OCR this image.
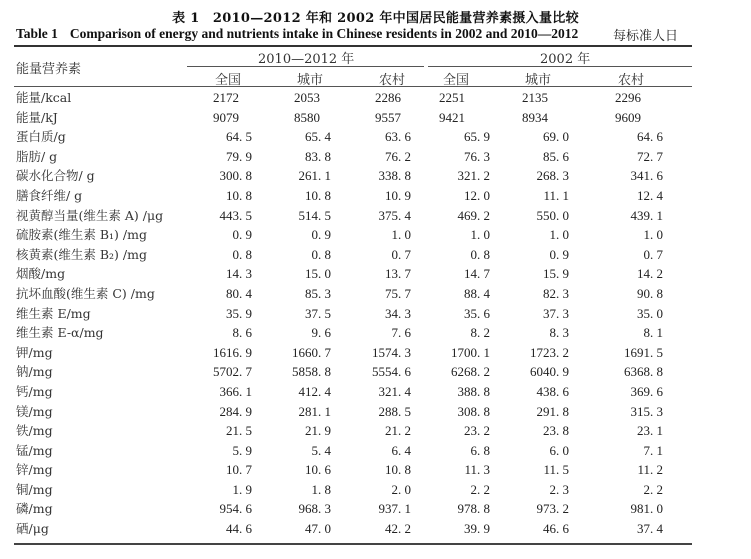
表 1　2010—2012 年和 2002 年中国居民能量营养素摄入量比较
Table 1 Comparison of energy and nutrients intake in Chinese residents in 2002 and 2010—2012	每标准人日
能量营养素
2010—2012 年	2002 年
全国	城市	农村	全国	城市	农村
能量/kcal	2172	2053	2286	2251	2135	2296
能量/kJ	9079	8580	9557	9421	8934	9609
蛋白质/g	64. 5	65. 4	63. 6	65. 9	69. 0	64. 6
脂肪/ g	79. 9	83. 8	76. 2	76. 3	85. 6	72. 7
碳水化合物/ g	300. 8	261. 1	338. 8	321. 2	268. 3	341. 6
膳食纤维/ g	10. 8	10. 8	10. 9	12. 0	11. 1	12. 4
视黄醇当量(维生素 A) /μg	443. 5	514. 5	375. 4	469. 2	550. 0	439. 1
硫胺素(维生素 B₁) /mg	0. 9	0. 9	1. 0	1. 0	1. 0	1. 0
核黄素(维生素 B₂) /mg	0. 8	0. 8	0. 7	0. 8	0. 9	0. 7
烟酸/mg	14. 3	15. 0	13. 7	14. 7	15. 9	14. 2
抗坏血酸(维生素 C) /mg	80. 4	85. 3	75. 7	88. 4	82. 3	90. 8
维生素 E/mg	35. 9	37. 5	34. 3	35. 6	37. 3	35. 0
维生素 E-α/mg	8. 6	9. 6	7. 6	8. 2	8. 3	8. 1
钾/mg	1616. 9	1660. 7	1574. 3	1700. 1	1723. 2	1691. 5
钠/mg	5702. 7	5858. 8	5554. 6	6268. 2	6040. 9	6368. 8
钙/mg	366. 1	412. 4	321. 4	388. 8	438. 6	369. 6
镁/mg	284. 9	281. 1	288. 5	308. 8	291. 8	315. 3
铁/mg	21. 5	21. 9	21. 2	23. 2	23. 8	23. 1
锰/mg	5. 9	5. 4	6. 4	6. 8	6. 0	7. 1
锌/mg	10. 7	10. 6	10. 8	11. 3	11. 5	11. 2
铜/mg	1. 9	1. 8	2. 0	2. 2	2. 3	2. 2
磷/mg	954. 6	968. 3	937. 1	978. 8	973. 2	981. 0
硒/μg	44. 6	47. 0	42. 2	39. 9	46. 6	37. 4
